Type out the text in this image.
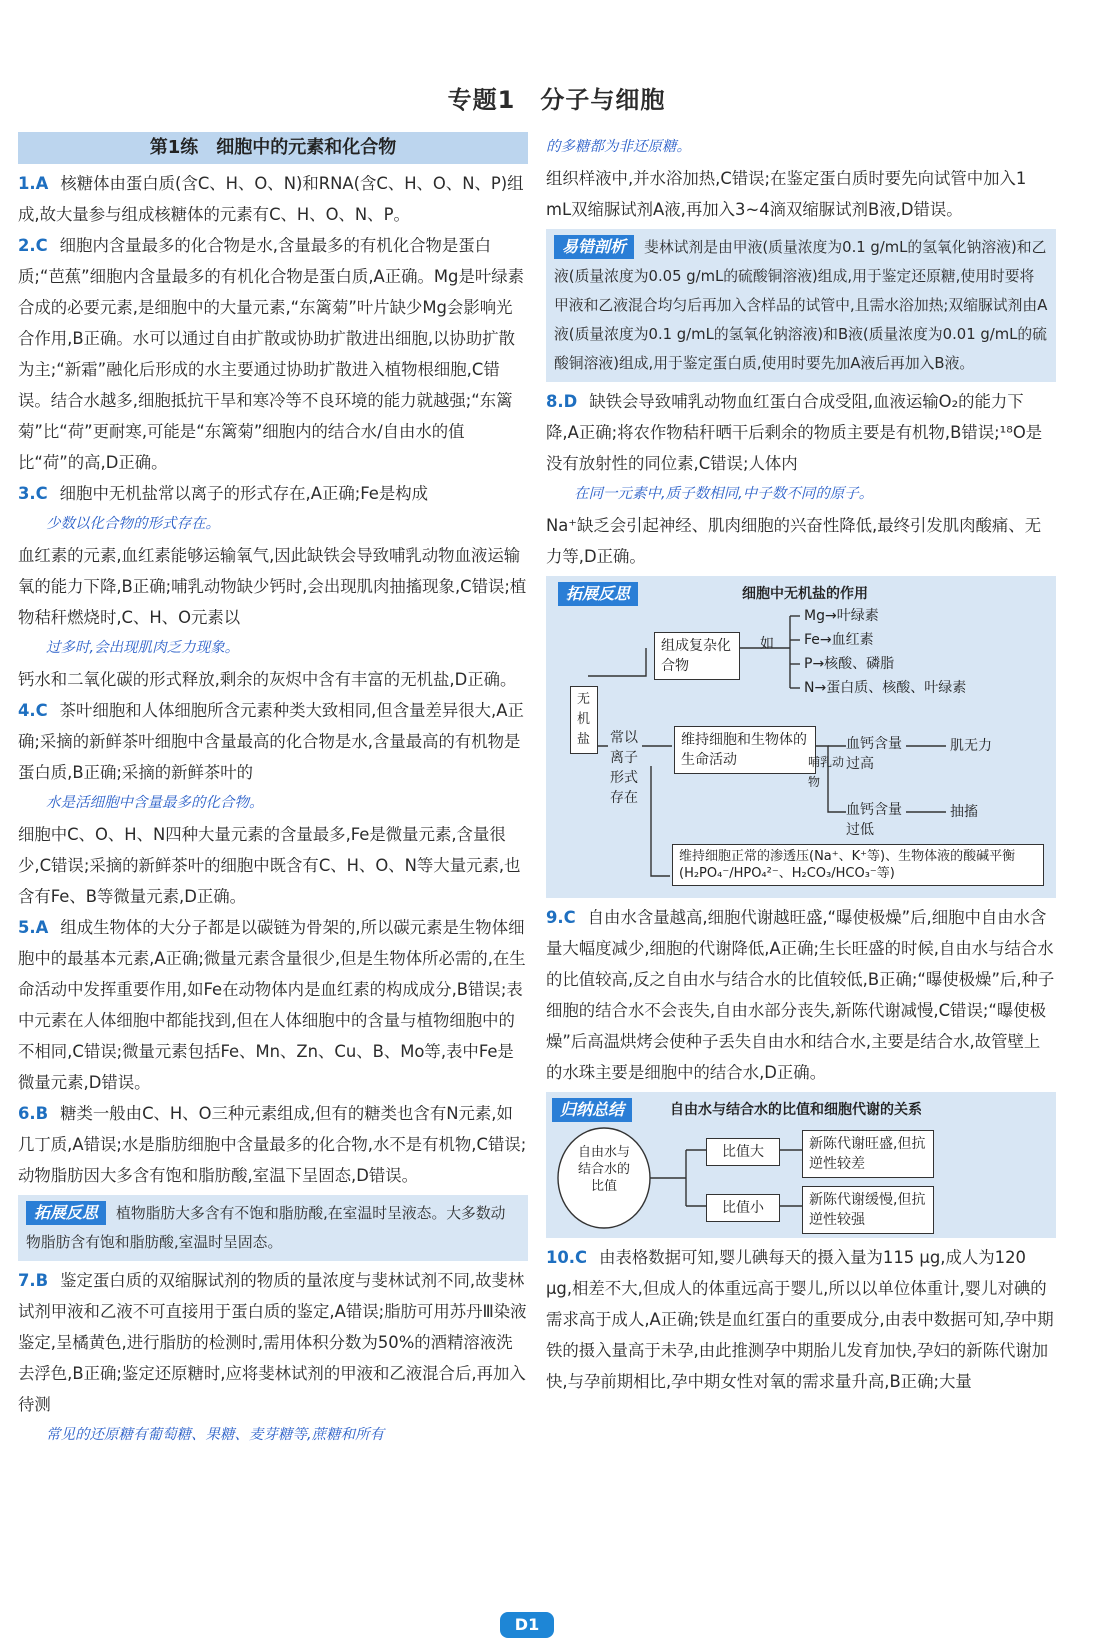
专题1　分子与细胞
第1练　细胞中的元素和化合物

1.A 核糖体由蛋白质(含C、H、O、N)和RNA(含C、H、O、N、P)组成,故大量参与组成核糖体的元素有C、H、O、N、P。

2.C 细胞内含量最多的化合物是水,含量最多的有机化合物是蛋白质;“芭蕉”细胞内含量最多的有机化合物是蛋白质,A正确。Mg是叶绿素合成的必要元素,是细胞中的大量元素,“东篱菊”叶片缺少Mg会影响光合作用,B正确。水可以通过自由扩散或协助扩散进出细胞,以协助扩散为主;“新霜”融化后形成的水主要通过协助扩散进入植物根细胞,C错误。结合水越多,细胞抵抗干旱和寒冷等不良环境的能力就越强;“东篱菊”比“荷”更耐寒,可能是“东篱菊”细胞内的结合水/自由水的值比“荷”的高,D正确。

3.C 细胞中无机盐常以离子的形式存在,A正确;Fe是构成

少数以化合物的形式存在。

血红素的元素,血红素能够运输氧气,因此缺铁会导致哺乳动物血液运输氧的能力下降,B正确;哺乳动物缺少钙时,会出现肌肉抽搐现象,C错误;植物秸秆燃烧时,C、H、O元素以

过多时,会出现肌肉乏力现象。

钙水和二氧化碳的形式释放,剩余的灰烬中含有丰富的无机盐,D正确。

4.C 茶叶细胞和人体细胞所含元素种类大致相同,但含量差异很大,A正确;采摘的新鲜茶叶细胞中含量最高的化合物是水,含量最高的有机物是蛋白质,B正确;采摘的新鲜茶叶的

水是活细胞中含量最多的化合物。

细胞中C、O、H、N四种大量元素的含量最多,Fe是微量元素,含量很少,C错误;采摘的新鲜茶叶的细胞中既含有C、H、O、N等大量元素,也含有Fe、B等微量元素,D正确。

5.A 组成生物体的大分子都是以碳链为骨架的,所以碳元素是生物体细胞中的最基本元素,A正确;微量元素含量很少,但是生物体所必需的,在生命活动中发挥重要作用,如Fe在动物体内是血红素的构成成分,B错误;表中元素在人体细胞中都能找到,但在人体细胞中的含量与植物细胞中的不相同,C错误;微量元素包括Fe、Mn、Zn、Cu、B、Mo等,表中Fe是微量元素,D错误。

6.B 糖类一般由C、H、O三种元素组成,但有的糖类也含有N元素,如几丁质,A错误;水是脂肪细胞中含量最多的化合物,水不是有机物,C错误;动物脂肪因大多含有饱和脂肪酸,室温下呈固态,D错误。

拓展反思 植物脂肪大多含有不饱和脂肪酸,在室温时呈液态。大多数动物脂肪含有饱和脂肪酸,室温时呈固态。

7.B 鉴定蛋白质的双缩脲试剂的物质的量浓度与斐林试剂不同,故斐林试剂甲液和乙液不可直接用于蛋白质的鉴定,A错误;脂肪可用苏丹Ⅲ染液鉴定,呈橘黄色,进行脂肪的检测时,需用体积分数为50%的酒精溶液洗去浮色,B正确;鉴定还原糖时,应将斐林试剂的甲液和乙液混合后,再加入待测

常见的还原糖有葡萄糖、果糖、麦芽糖等,蔗糖和所有

的多糖都为非还原糖。

组织样液中,并水浴加热,C错误;在鉴定蛋白质时要先向试管中加入1 mL双缩脲试剂A液,再加入3~4滴双缩脲试剂B液,D错误。

易错剖析 斐林试剂是由甲液(质量浓度为0.1 g/mL的氢氧化钠溶液)和乙液(质量浓度为0.05 g/mL的硫酸铜溶液)组成,用于鉴定还原糖,使用时要将甲液和乙液混合均匀后再加入含样品的试管中,且需水浴加热;双缩脲试剂由A液(质量浓度为0.1 g/mL的氢氧化钠溶液)和B液(质量浓度为0.01 g/mL的硫酸铜溶液)组成,用于鉴定蛋白质,使用时要先加A液后再加入B液。

8.D 缺铁会导致哺乳动物血红蛋白合成受阻,血液运输O₂的能力下降,A正确;将农作物秸秆晒干后剩余的物质主要是有机物,B错误;¹⁸O是没有放射性的同位素,C错误;人体内

在同一元素中,质子数相同,中子数不同的原子。

Na⁺缺乏会引起神经、肌肉细胞的兴奋性降低,最终引发肌肉酸痛、无力等,D正确。

拓展反思	细胞中无机盐的作用
无机盐
组成复杂化合物
如
Mg→叶绿素
Fe→血红素
P→核酸、磷脂
N→蛋白质、核酸、叶绿素
常以离子形式存在
维持细胞和生物体的生命活动	哺乳动物
血钙含量过高
肌无力
血钙含量过低
抽搐
维持细胞正常的渗透压(Na⁺、K⁺等)、生物体液的酸碱平衡(H₂PO₄⁻/HPO₄²⁻、H₂CO₃/HCO₃⁻等)

9.C 自由水含量越高,细胞代谢越旺盛,“曝使极燥”后,细胞中自由水含量大幅度减少,细胞的代谢降低,A正确;生长旺盛的时候,自由水与结合水的比值较高,反之自由水与结合水的比值较低,B正确;“曝使极燥”后,种子细胞的结合水不会丧失,自由水部分丧失,新陈代谢减慢,C错误;“曝使极燥”后高温烘烤会使种子丢失自由水和结合水,主要是结合水,故管壁上的水珠主要是细胞中的结合水,D正确。

归纳总结	自由水与结合水的比值和细胞代谢的关系
自由水与结合水的比值
比值大
比值小
新陈代谢旺盛,但抗逆性较差
新陈代谢缓慢,但抗逆性较强

10.C 由表格数据可知,婴儿碘每天的摄入量为115 μg,成人为120 μg,相差不大,但成人的体重远高于婴儿,所以以单位体重计,婴儿对碘的需求高于成人,A正确;铁是血红蛋白的重要成分,由表中数据可知,孕中期铁的摄入量高于未孕,由此推测孕中期胎儿发育加快,孕妇的新陈代谢加快,与孕前期相比,孕中期女性对氧的需求量升高,B正确;大量

D1
